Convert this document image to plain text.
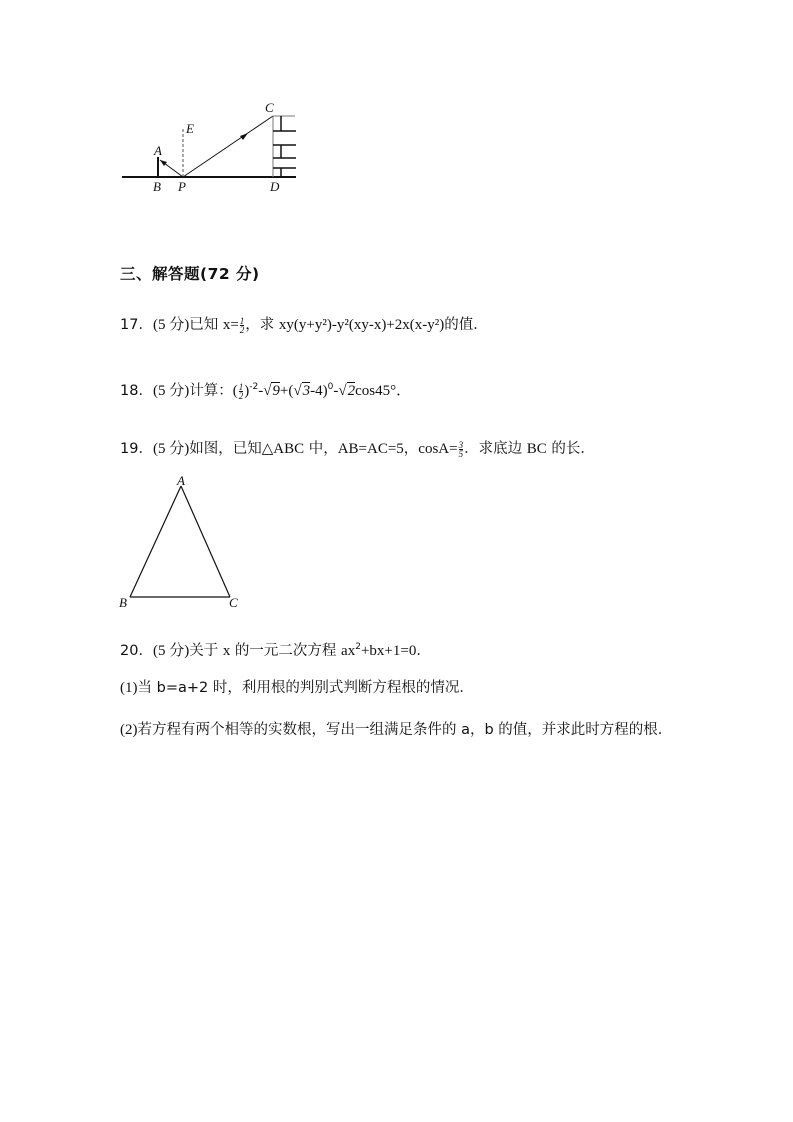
A
B P
E
C
D
三、解答题(72 分)
17．(5 分)已知 $x= \frac{1}{2}$ ，求 xy(y+y²)-y²(xy-x)+2x(x-y²)的值．
18．(5 分)计算：( $\frac{1}{2} )^{-2}-√9+(√3-4)^0-√2\cos 45^\circ$．
19．(5 分)如图，已知△ABC 中，AB=AC=5，$\cos A= \frac{3}{5}$ ．求底边 BC 的长．
A
B	C
20．(5 分)关于 x 的一元二次方程 $ax^2+bx+1=0$．
(1)当 b=a+2 时，利用根的判别式判断方程根的情况．
(2)若方程有两个相等的实数根，写出一组满足条件的 a，b 的值，并求此时方程的根．
